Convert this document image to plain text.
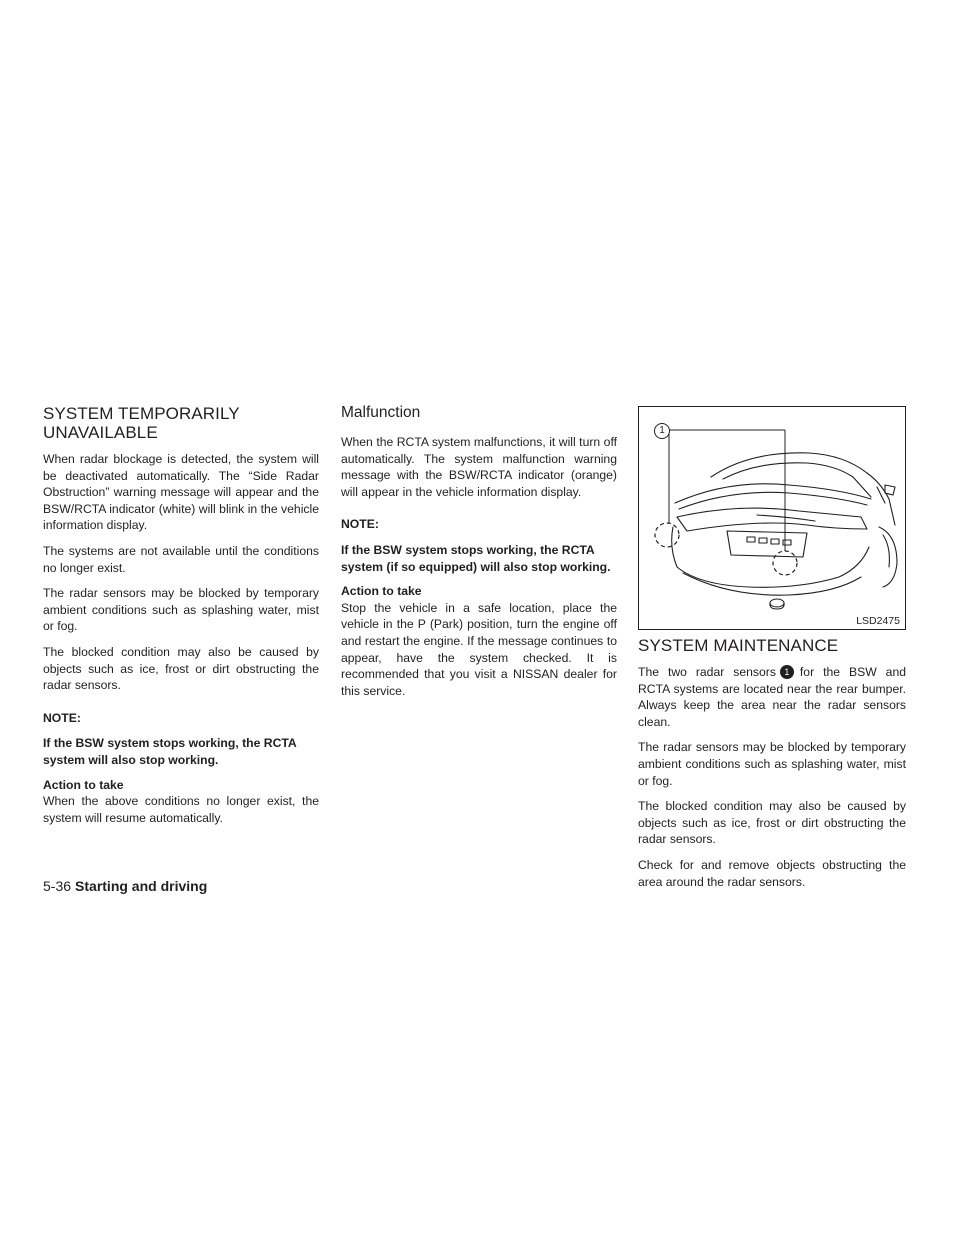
SYSTEM TEMPORARILY
UNAVAILABLE

When radar blockage is detected, the system will be deactivated automatically. The “Side Radar Obstruction” warning message will appear and the BSW/RCTA indicator (white) will blink in the vehicle information display.

The systems are not available until the conditions no longer exist.

The radar sensors may be blocked by temporary ambient conditions such as splashing water, mist or fog.

The blocked condition may also be caused by objects such as ice, frost or dirt obstructing the radar sensors.

NOTE:
If the BSW system stops working, the RCTA system will also stop working.
Action to take

When the above conditions no longer exist, the system will resume automatically.

Malfunction

When the RCTA system malfunctions, it will turn off automatically. The system malfunction warning message with the BSW/RCTA indicator (orange) will appear in the vehicle information display.

NOTE:
If the BSW system stops working, the RCTA system (if so equipped) will also stop working.
Action to take

Stop the vehicle in a safe location, place the vehicle in the P (Park) position, turn the engine off and restart the engine. If the message continues to appear, have the system checked. It is recommended that you visit a NISSAN dealer for this service.

1
LSD2475
SYSTEM MAINTENANCE

The two radar sensors 1 for the BSW and RCTA systems are located near the rear bumper. Always keep the area near the radar sensors clean.

The radar sensors may be blocked by temporary ambient conditions such as splashing water, mist or fog.

The blocked condition may also be caused by objects such as ice, frost or dirt obstructing the radar sensors.

Check for and remove objects obstructing the area around the radar sensors.

5-36 Starting and driving
